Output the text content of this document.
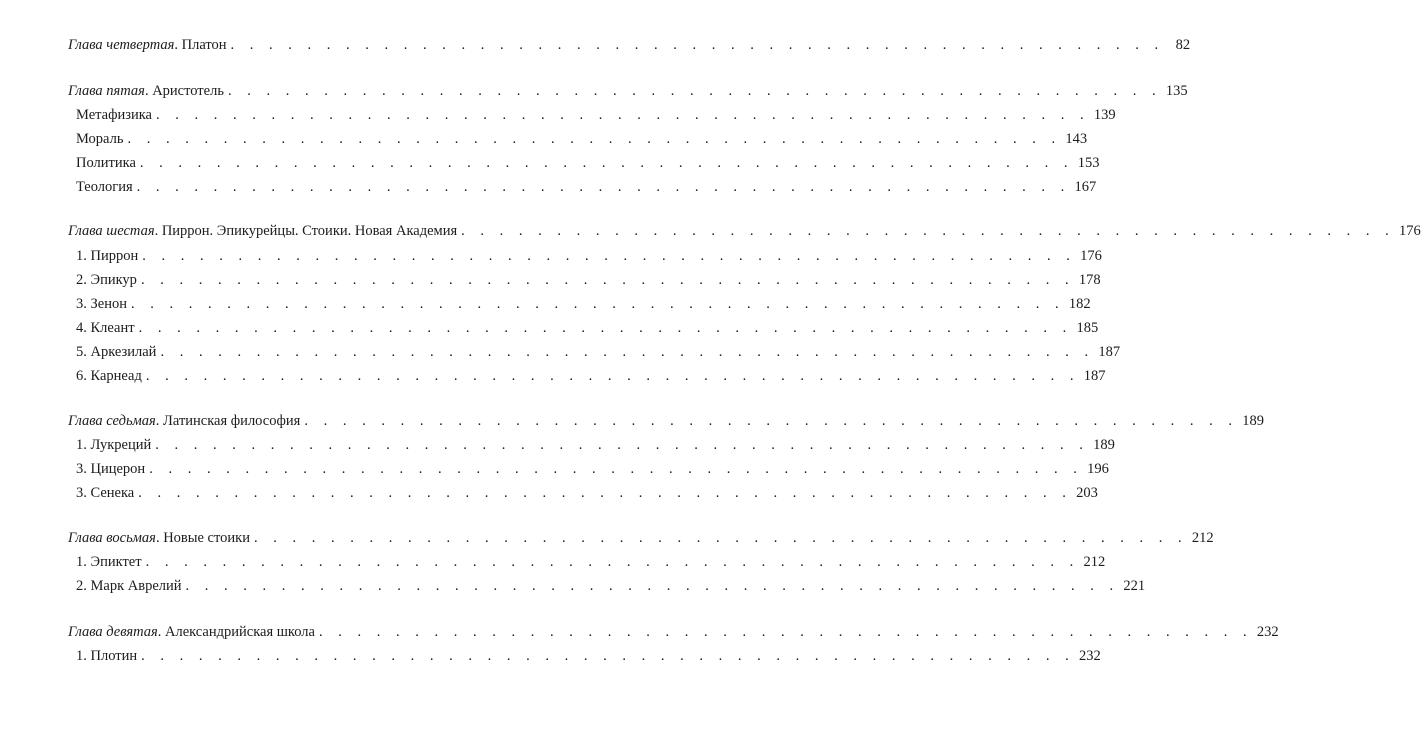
Глава четвертая. Платон . . . . . . . . . . . . . . . . . . . . . . . . . . . . . . . . . . . . . . . . . . . . . . . . . 82
Глава пятая. Аристотель . . . . . . . . . . . . . . . . . . . . . . . . . . . . . . . . . . . . . . . . . . . . . . . . . 135
Метафизика . . . . . . . . . . . . . . . . . . . . . . . . . . . . . . . . . . . . . . . . . . . . . . . . . 139
Мораль . . . . . . . . . . . . . . . . . . . . . . . . . . . . . . . . . . . . . . . . . . . . . . . . . 143
Политика . . . . . . . . . . . . . . . . . . . . . . . . . . . . . . . . . . . . . . . . . . . . . . . . . 153
Теология . . . . . . . . . . . . . . . . . . . . . . . . . . . . . . . . . . . . . . . . . . . . . . . . . 167
Глава шестая. Пиррон. Эпикурейцы. Стоики. Новая Академия . . . . . . . . . . . . . . . . . . . . . . . . . . . . . . . . . . . . . . . . . . . . . . . . . 176
1. Пиррон . . . . . . . . . . . . . . . . . . . . . . . . . . . . . . . . . . . . . . . . . . . . . . . . . 176
2. Эпикур . . . . . . . . . . . . . . . . . . . . . . . . . . . . . . . . . . . . . . . . . . . . . . . . . 178
3. Зенон . . . . . . . . . . . . . . . . . . . . . . . . . . . . . . . . . . . . . . . . . . . . . . . . . 182
4. Клеант . . . . . . . . . . . . . . . . . . . . . . . . . . . . . . . . . . . . . . . . . . . . . . . . . 185
5. Аркезилай . . . . . . . . . . . . . . . . . . . . . . . . . . . . . . . . . . . . . . . . . . . . . . . . . 187
6. Карнеад . . . . . . . . . . . . . . . . . . . . . . . . . . . . . . . . . . . . . . . . . . . . . . . . . 187
Глава седьмая. Латинская философия . . . . . . . . . . . . . . . . . . . . . . . . . . . . . . . . . . . . . . . . . . . . . . . . . 189
1. Лукреций . . . . . . . . . . . . . . . . . . . . . . . . . . . . . . . . . . . . . . . . . . . . . . . . . 189
3. Цицерон . . . . . . . . . . . . . . . . . . . . . . . . . . . . . . . . . . . . . . . . . . . . . . . . . 196
3. Сенека . . . . . . . . . . . . . . . . . . . . . . . . . . . . . . . . . . . . . . . . . . . . . . . . . 203
Глава восьмая. Новые стоики . . . . . . . . . . . . . . . . . . . . . . . . . . . . . . . . . . . . . . . . . . . . . . . . . 212
1. Эпиктет . . . . . . . . . . . . . . . . . . . . . . . . . . . . . . . . . . . . . . . . . . . . . . . . . 212
2. Марк Аврелий . . . . . . . . . . . . . . . . . . . . . . . . . . . . . . . . . . . . . . . . . . . . . . . . . 221
Глава девятая. Александрийская школа . . . . . . . . . . . . . . . . . . . . . . . . . . . . . . . . . . . . . . . . . . . . . . . . . 232
1. Плотин . . . . . . . . . . . . . . . . . . . . . . . . . . . . . . . . . . . . . . . . . . . . . . . . . 232
